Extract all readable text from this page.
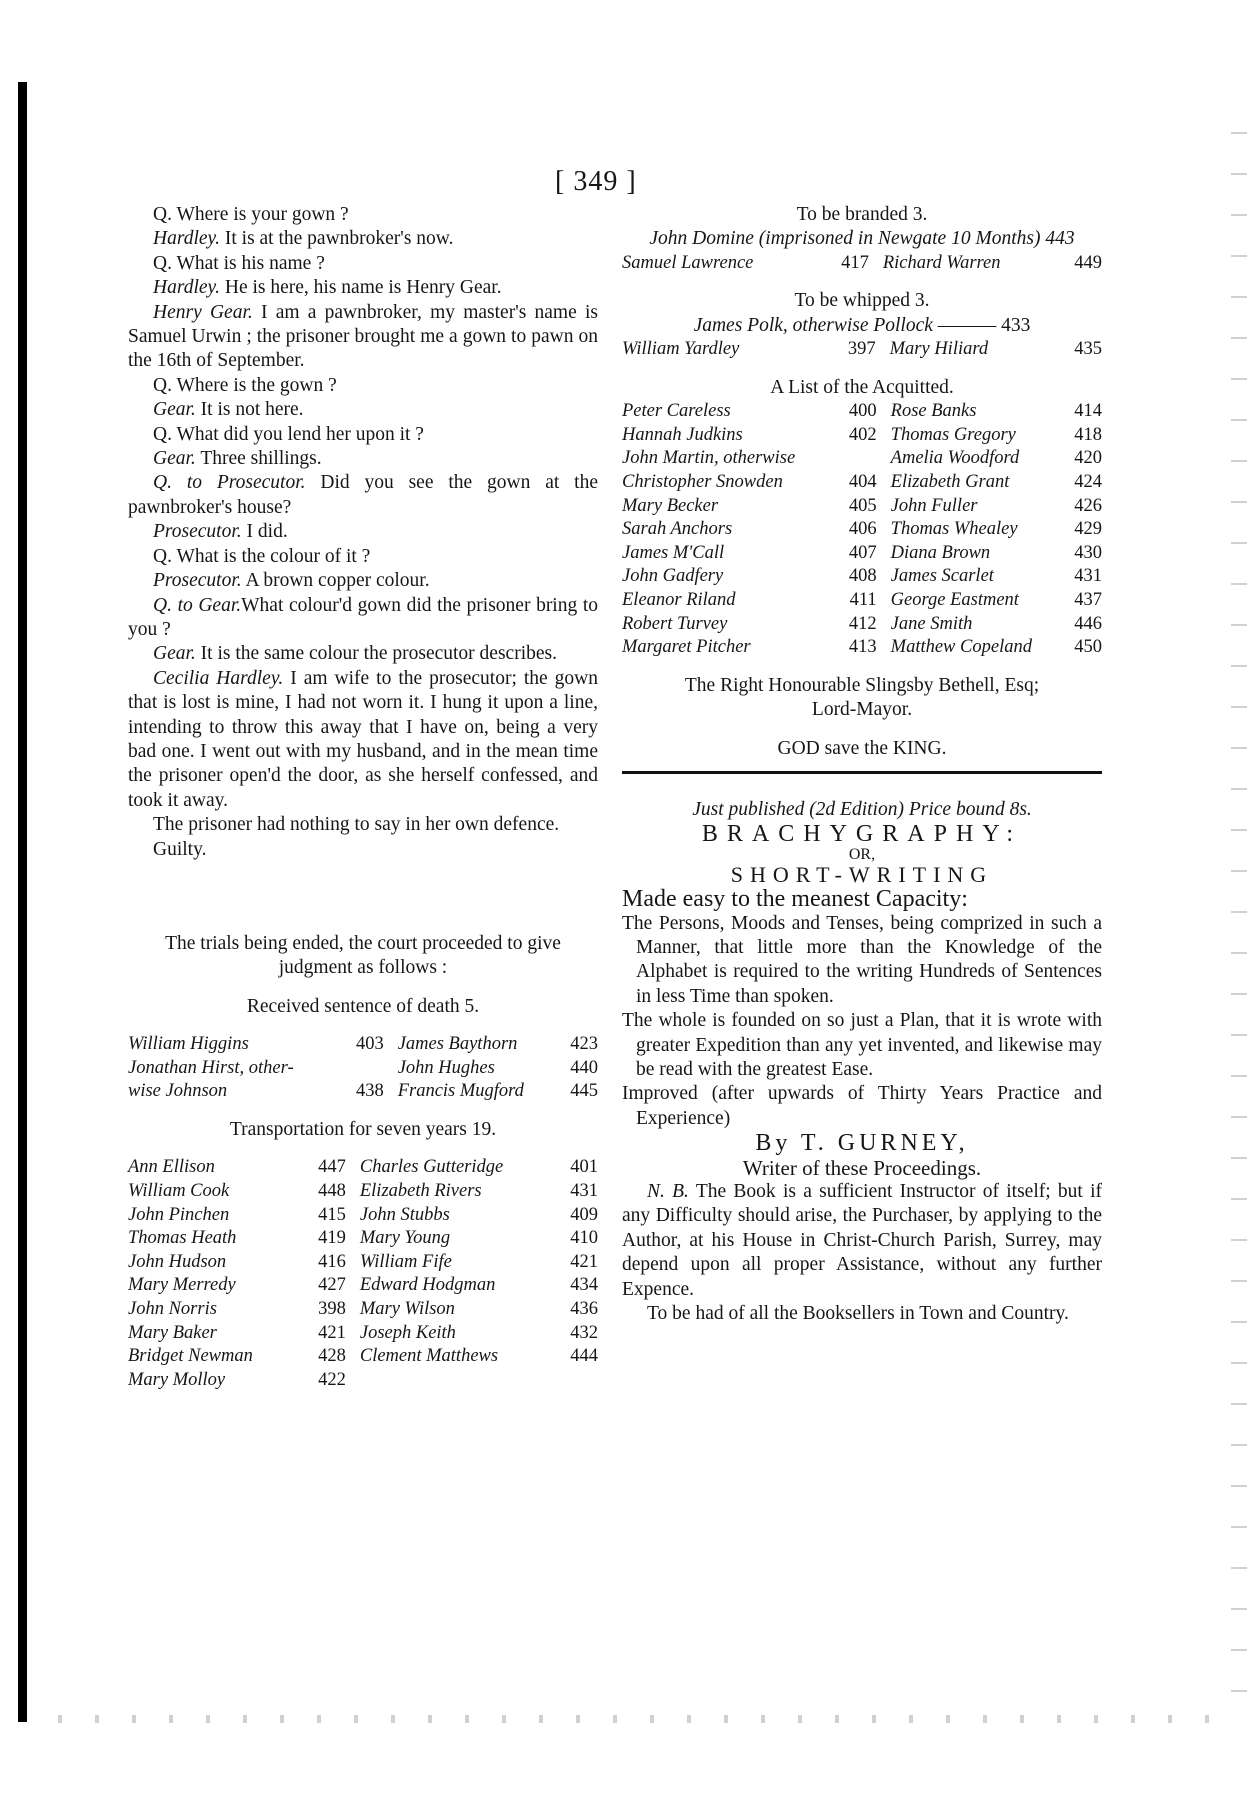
[ 349 ]

Q. Where is your gown ?

Hardley. It is at the pawnbroker's now.

Q. What is his name ?

Hardley. He is here, his name is Henry Gear.

Henry Gear. I am a pawnbroker, my master's name is Samuel Urwin ; the prisoner brought me a gown to pawn on the 16th of September.

Q. Where is the gown ?

Gear. It is not here.

Q. What did you lend her upon it ?

Gear. Three shillings.

Q. to Prosecutor. Did you see the gown at the pawnbroker's house?

Prosecutor. I did.

Q. What is the colour of it ?

Prosecutor. A brown copper colour.

Q. to Gear.What colour'd gown did the prisoner bring to you ?

Gear. It is the same colour the prosecutor describes.

Cecilia Hardley. I am wife to the prosecutor; the gown that is lost is mine, I had not worn it. I hung it upon a line, intending to throw this away that I have on, being a very bad one. I went out with my husband, and in the mean time the prisoner open'd the door, as she herself confessed, and took it away.

The prisoner had nothing to say in her own defence.

Guilty.

The trials being ended, the court proceeded to give judgment as follows :

Received sentence of death 5.

William Higgins	403	James Baythorn	423
Jonathan Hirst, other-		John Hughes	440
wise Johnson	438	Francis Mugford	445

Transportation for seven years 19.

Ann Ellison	447	Charles Gutteridge	401
William Cook	448	Elizabeth Rivers	431
John Pinchen	415	John Stubbs	409
Thomas Heath	419	Mary Young	410
John Hudson	416	William Fife	421
Mary Merredy	427	Edward Hodgman	434
John Norris	398	Mary Wilson	436
Mary Baker	421	Joseph Keith	432
Bridget Newman	428	Clement Matthews	444
Mary Molloy	422		

To be branded 3.

John Domine (imprisoned in Newgate 10 Months) 443

Samuel Lawrence	417	Richard Warren	449

To be whipped 3.

James Polk, otherwise Pollock ——— 433

William Yardley	397	Mary Hiliard	435

A List of the Acquitted.

Peter Careless	400	Rose Banks	414
Hannah Judkins	402	Thomas Gregory	418
John Martin, otherwise		Amelia Woodford	420
Christopher Snowden	404	Elizabeth Grant	424
Mary Becker	405	John Fuller	426
Sarah Anchors	406	Thomas Whealey	429
James M'Call	407	Diana Brown	430
John Gadfery	408	James Scarlet	431
Eleanor Riland	411	George Eastment	437
Robert Turvey	412	Jane Smith	446
Margaret Pitcher	413	Matthew Copeland	450

The Right Honourable Slingsby Bethell, Esq;

Lord-Mayor.

GOD save the KING.

Just published (2d Edition) Price bound 8s.

BRACHYGRAPHY:

OR,

SHORT-WRITING

Made easy to the meanest Capacity:

The Persons, Moods and Tenses, being comprized in such a Manner, that little more than the Knowledge of the Alphabet is required to the writing Hundreds of Sentences in less Time than spoken.

The whole is founded on so just a Plan, that it is wrote with greater Expedition than any yet invented, and likewise may be read with the greatest Ease.

Improved (after upwards of Thirty Years Practice and Experience)

By T. GURNEY,

Writer of these Proceedings.

N. B. The Book is a sufficient Instructor of itself; but if any Difficulty should arise, the Purchaser, by applying to the Author, at his House in Christ-Church Parish, Surrey, may depend upon all proper Assistance, without any further Expence.

To be had of all the Booksellers in Town and Country.
